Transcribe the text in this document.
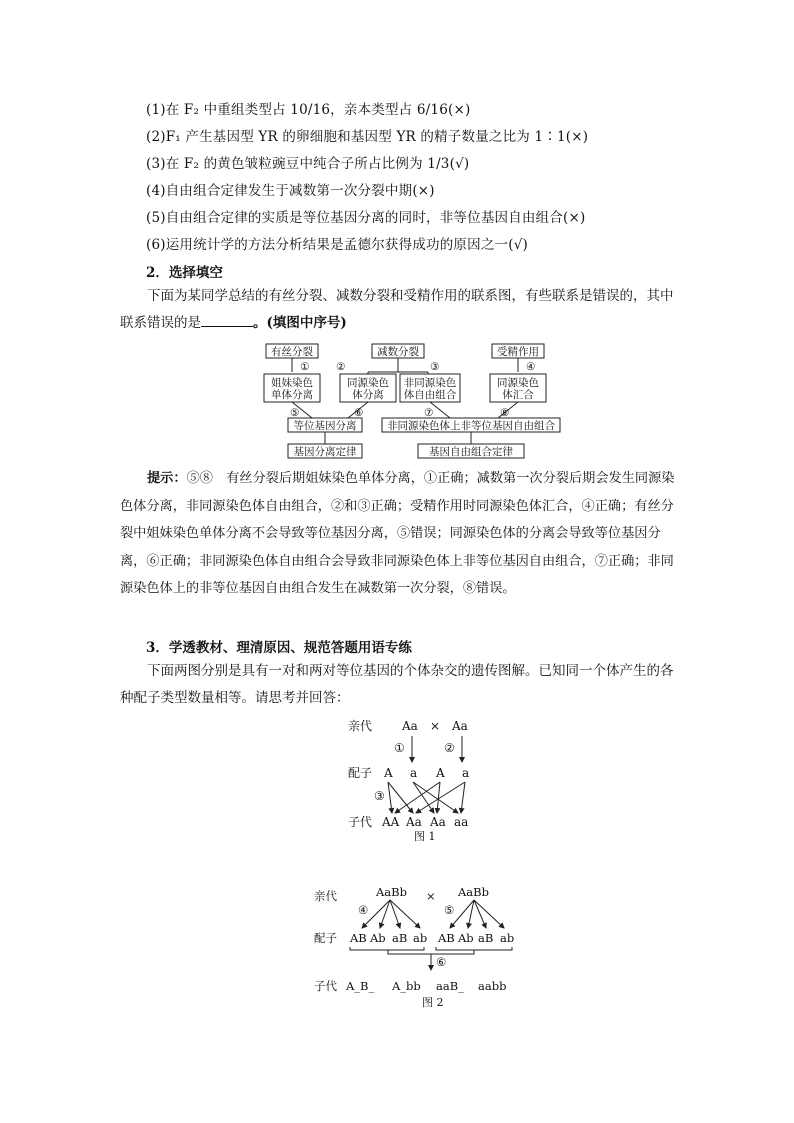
(1)在 F₂ 中重组类型占 10/16，亲本类型占 6/16(×)
(2)F₁ 产生基因型 YR 的卵细胞和基因型 YR 的精子数量之比为 1∶1(×)
(3)在 F₂ 的黄色皱粒豌豆中纯合子所占比例为 1/3(√)
(4)自由组合定律发生于减数第一次分裂中期(×)
(5)自由组合定律的实质是等位基因分离的同时，非等位基因自由组合(×)
(6)运用统计学的方法分析结果是孟德尔获得成功的原因之一(√)
2．选择填空
下面为某同学总结的有丝分裂、减数分裂和受精作用的联系图，有些联系是错误的，其中联系错误的是	。(填图中序号)
有丝分裂	减数分裂	受精作用
①	②	③	④
姐妹染色
单体分离
同源染色
体分离
非同源染色
体自由组合
同源染色
体汇合
⑤	⑥	⑦	⑧
等位基因分离	非同源染色体上非等位基因自由组合
基因分离定律	基因自由组合定律
提示：⑤⑧　有丝分裂后期姐妹染色单体分离，①正确；减数第一次分裂后期会发生同源染色体分离，非同源染色体自由组合，②和③正确；受精作用时同源染色体汇合，④正确；有丝分裂中姐妹染色单体分离不会导致等位基因分离，⑤错误；同源染色体的分离会导致等位基因分离，⑥正确；非同源染色体自由组合会导致非同源染色体上非等位基因自由组合，⑦正确；非同源染色体上的非等位基因自由组合发生在减数第一次分裂，⑧错误。
3．学透教材、理清原因、规范答题用语专练
下面两图分别是具有一对和两对等位基因的个体杂交的遗传图解。已知同一个体产生的各种配子类型数量相等。请思考并回答：
亲代 Aa × Aa
①	②
配子 A a A a
③
子代 AA Aa Aa aa
图 1
亲代	AaBb × AaBb
④	⑤
配子 AB Ab aB ab AB Ab aB ab
⑥
子代 A_B_ A_bb aaB_ aabb
图 2
